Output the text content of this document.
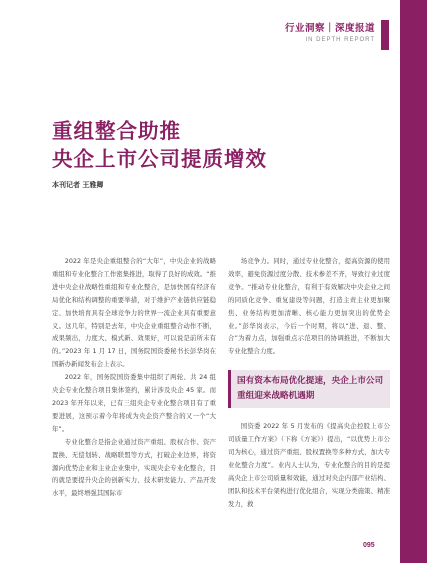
行业洞察｜深度报道
IN DEPTH REPORT
重组整合助推
央企上市公司提质增效
本刊记者 王雅卿

2022 年是央企重组整合的“大年”，中央企业的战略重组和专业化整合工作密集推进，取得了良好的成效。“推进中央企业战略性重组和专业化整合，是加快国有经济布局优化和结构调整的重要举措，对于维护产业链供应链稳定、加快培育具有全球竞争力的世界一流企业具有重要意义。这几年，特别是去年，中央企业重组整合动作不断，成果频出，力度大、模式新、效果好，可以说是前所未有的。”2023 年 1 月 17 日，国务院国资委秘书长彭华岗在国新办新闻发布会上表示。

2022 年，国务院国资委集中组织了两轮、共 24 组央企专业化整合项目集体签约，累计涉及央企 45 家。而 2023 年开年以来，已有三组央企专业化整合项目有了重要进展，这预示着今年将成为央企资产整合的又一个“大年”。

专业化整合是指企业通过资产重组、股权合作、资产置换、无偿划转、战略联盟等方式，打破企业边界，将资源向优势企业和主业企业集中，实现央企专业化整合，目的就是要提升央企的创新实力、技术研发能力、产品开发水平，最终增强其国际市

场竞争力。同时，通过专业化整合，提高资源的使用效率，避免资源过度分散、技术参差不齐，导致行业过度竞争。“推动专业化整合，有利于有效解决中央企业之间的同质化竞争、重复建设等问题，打造主责主业更加聚焦、业务结构更加清晰、核心能力更加突出的优势企业。”彭华岗表示，今后一个时期，将以“进、退、整、合”为着力点，加强重点示范项目的协调推进，不断加大专业化整合力度。

国有资本布局优化提速，央企上市公司
重组迎来战略机遇期

国资委 2022 年 5 月发布的《提高央企控股上市公司质量工作方案》（下称《方案》）提出，“以优势上市公司为核心，通过资产重组、股权置换等多种方式，加大专业化整合力度”。业内人士认为，专业化整合的目的是提高央企上市公司质量和效能，通过对央企内部产业结构、团队和技术平台架构进行优化组合，实现分类施策、精准发力，救

095
